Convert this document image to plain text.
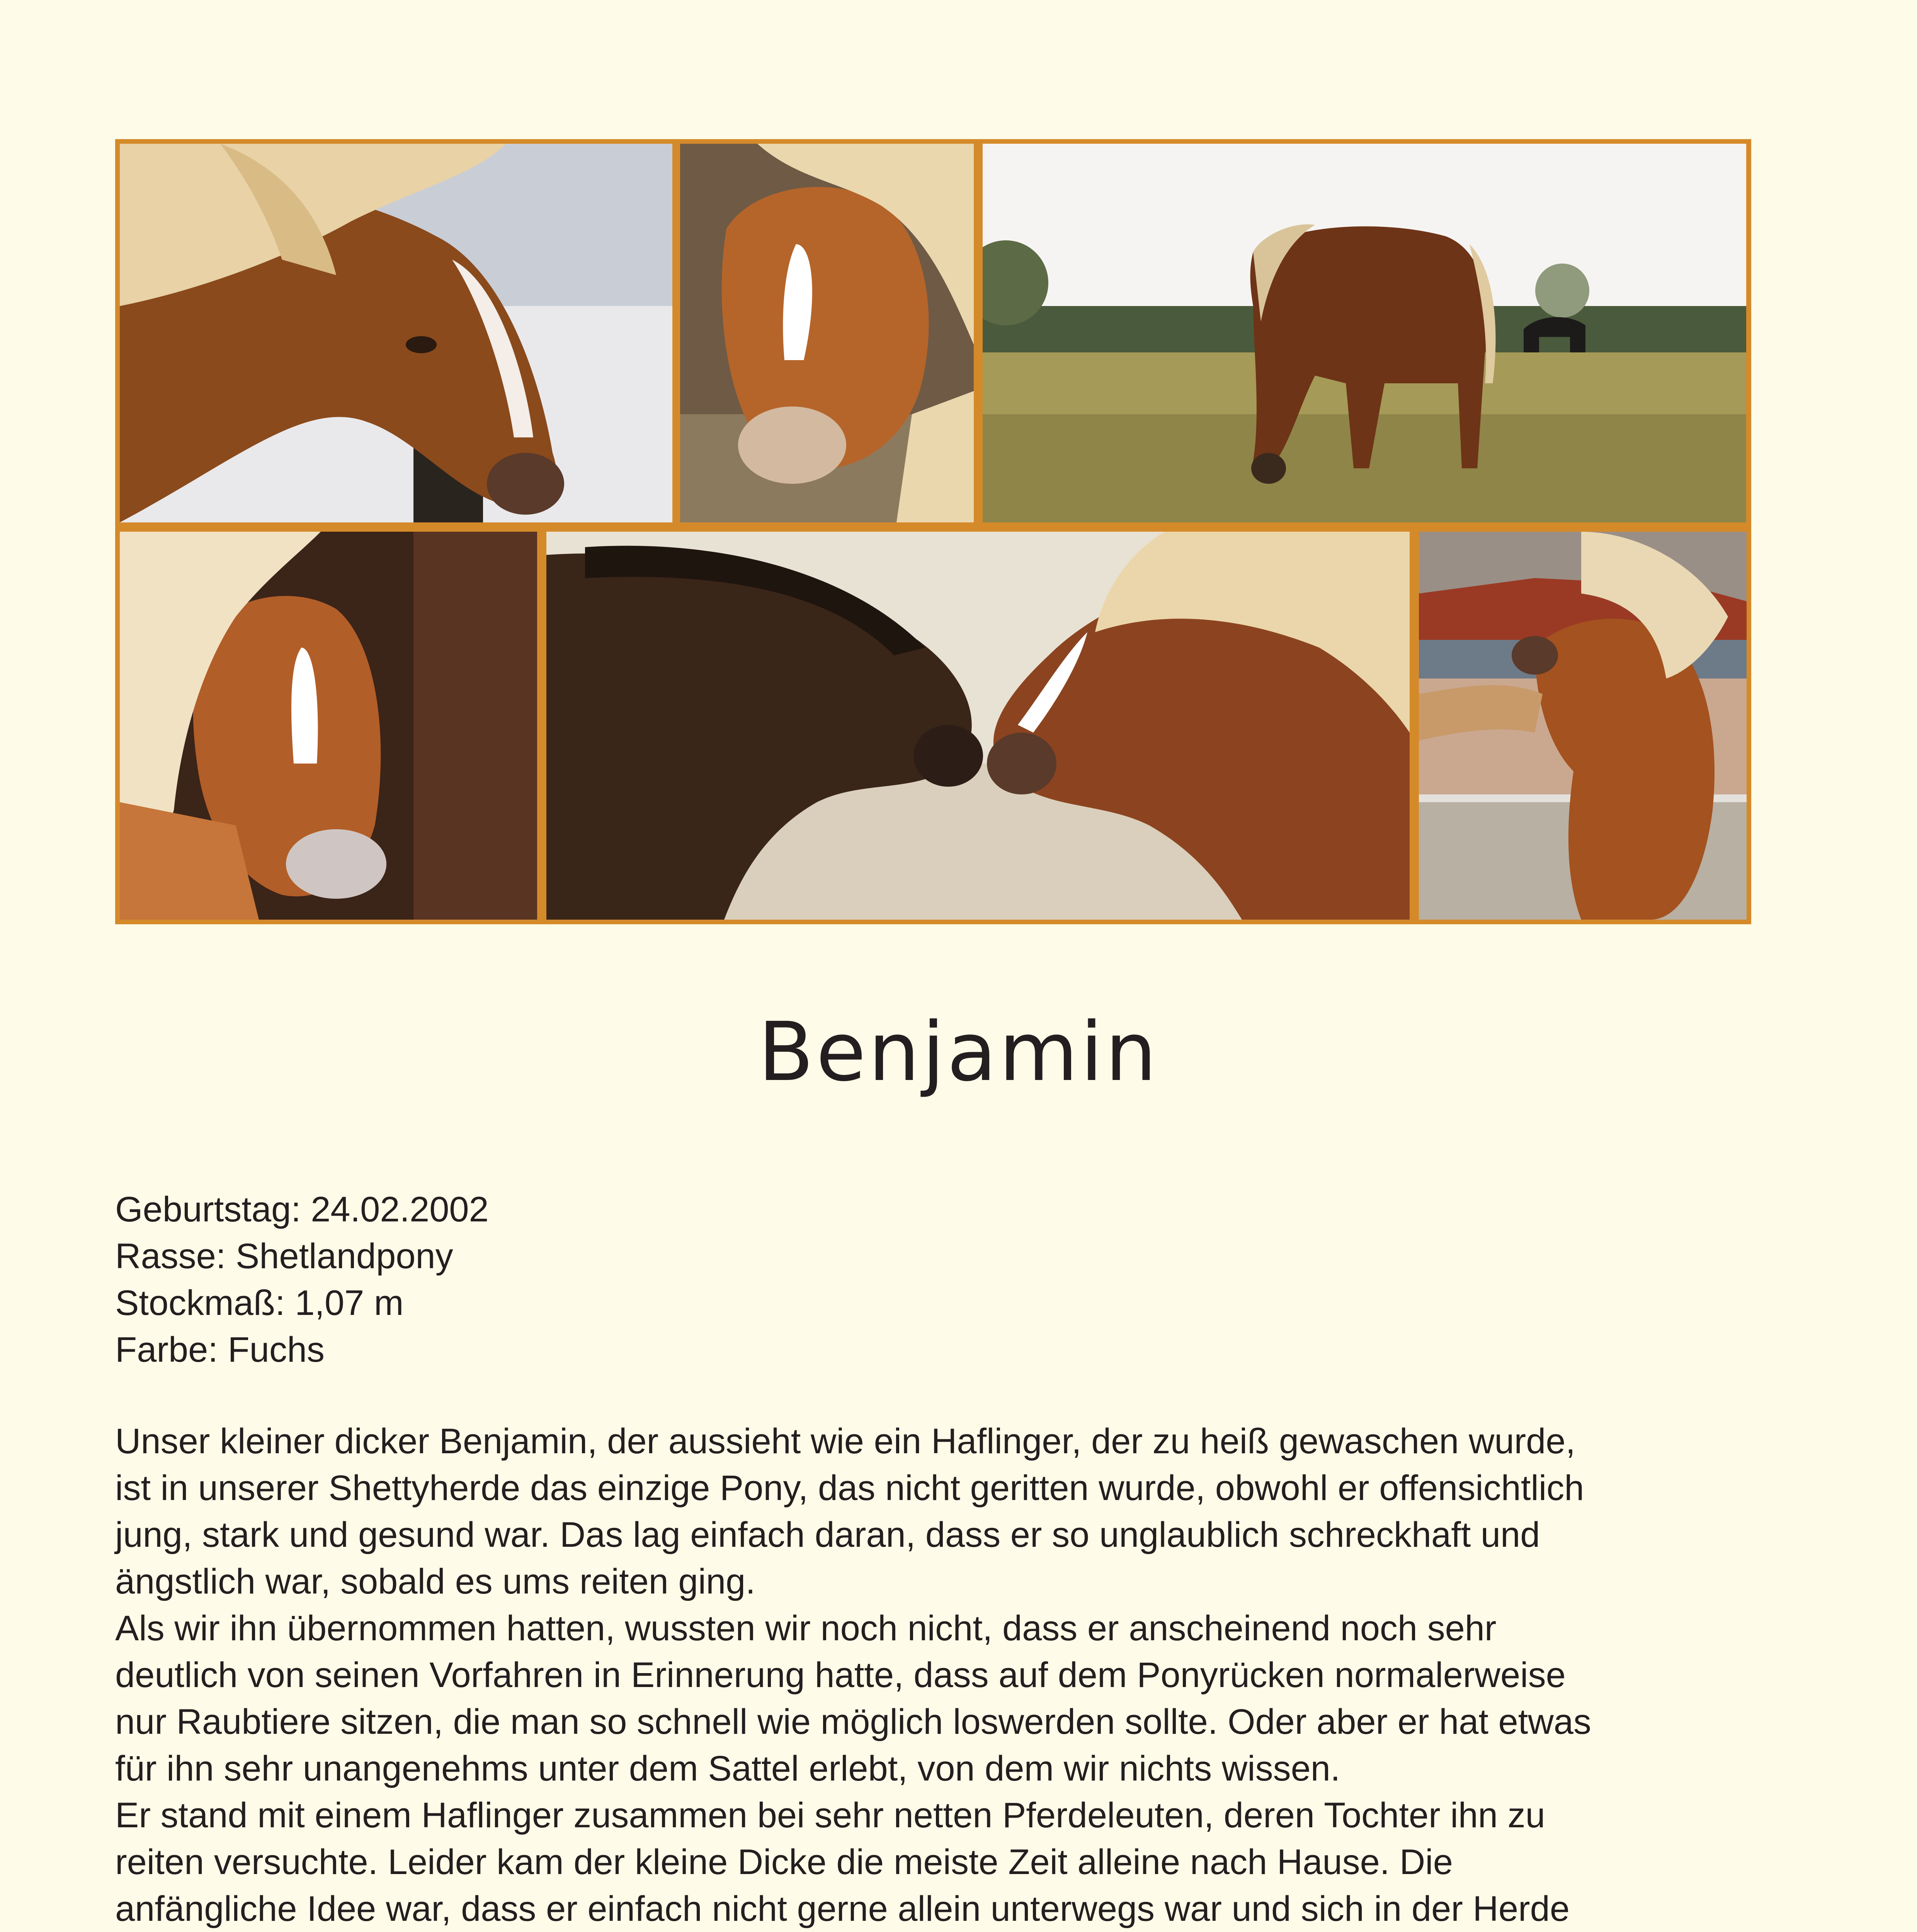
Benjamin
Geburtstag: 24.02.2002
Rasse: Shetlandpony
Stockmaß: 1,07 m
Farbe: Fuchs
Unser kleiner dicker Benjamin, der aussieht wie ein Haflinger, der zu heiß gewaschen wurde,
ist in unserer Shettyherde das einzige Pony, das nicht geritten wurde, obwohl er offensichtlich
jung, stark und gesund war. Das lag einfach daran, dass er so unglaublich schreckhaft und
ängstlich war, sobald es ums reiten ging.
Als wir ihn übernommen hatten, wussten wir noch nicht, dass er anscheinend noch sehr
deutlich von seinen Vorfahren in Erinnerung hatte, dass auf dem Ponyrücken normalerweise
nur Raubtiere sitzen, die man so schnell wie möglich loswerden sollte. Oder aber er hat etwas
für ihn sehr unangenehms unter dem Sattel erlebt, von dem wir nichts wissen.
Er stand mit einem Haflinger zusammen bei sehr netten Pferdeleuten, deren Tochter ihn zu
reiten versuchte. Leider kam der kleine Dicke die meiste Zeit alleine nach Hause. Die
anfängliche Idee war, dass er einfach nicht gerne allein unterwegs war und sich in der Herde
